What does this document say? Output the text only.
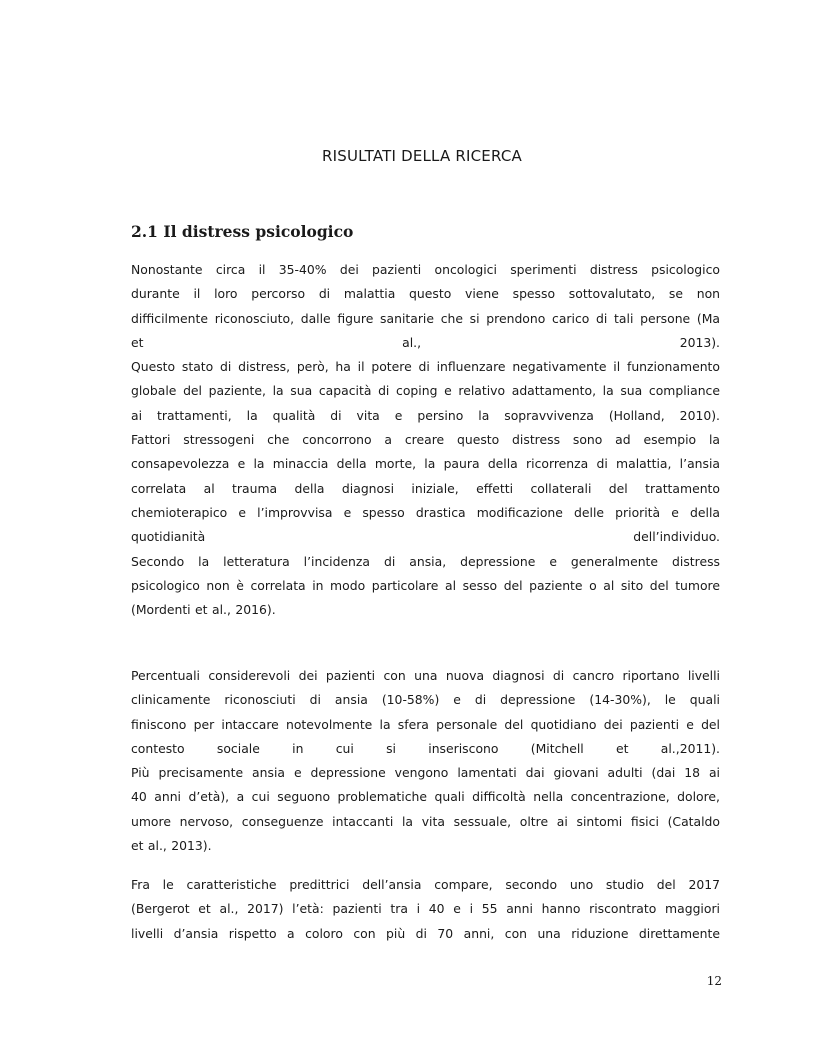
RISULTATI DELLA RICERCA
2.1 Il distress psicologico
Nonostante circa il 35-40% dei pazienti oncologici sperimenti distress psicologico
durante il loro percorso di malattia questo viene spesso sottovalutato, se non
difficilmente riconosciuto, dalle figure sanitarie che si prendono carico di tali persone (Ma
et al., 2013).
Questo stato di distress, però, ha il potere di influenzare negativamente il funzionamento
globale del paziente, la sua capacità di coping e relativo adattamento, la sua compliance
ai trattamenti, la qualità di vita e persino la sopravvivenza (Holland, 2010).
Fattori stressogeni che concorrono a creare questo distress sono ad esempio la
consapevolezza e la minaccia della morte, la paura della ricorrenza di malattia, l’ansia
correlata al trauma della diagnosi iniziale, effetti collaterali del trattamento
chemioterapico e l’improvvisa e spesso drastica modificazione delle priorità e della
quotidianità dell’individuo.
Secondo la letteratura l’incidenza di ansia, depressione e generalmente distress
psicologico non è correlata in modo particolare al sesso del paziente o al sito del tumore
(Mordenti et al., 2016).
Percentuali considerevoli dei pazienti con una nuova diagnosi di cancro riportano livelli
clinicamente riconosciuti di ansia (10-58%) e di depressione (14-30%), le quali
finiscono per intaccare notevolmente la sfera personale del quotidiano dei pazienti e del
contesto sociale in cui si inseriscono (Mitchell et al.,2011).
Più precisamente ansia e depressione vengono lamentati dai giovani adulti (dai 18 ai
40 anni d’età), a cui seguono problematiche quali difficoltà nella concentrazione, dolore,
umore nervoso, conseguenze intaccanti la vita sessuale, oltre ai sintomi fisici (Cataldo
et al., 2013).
Fra le caratteristiche predittrici dell’ansia compare, secondo uno studio del 2017
(Bergerot et al., 2017) l’età: pazienti tra i 40 e i 55 anni hanno riscontrato maggiori
livelli d’ansia rispetto a coloro con più di 70 anni, con una riduzione direttamente
12
